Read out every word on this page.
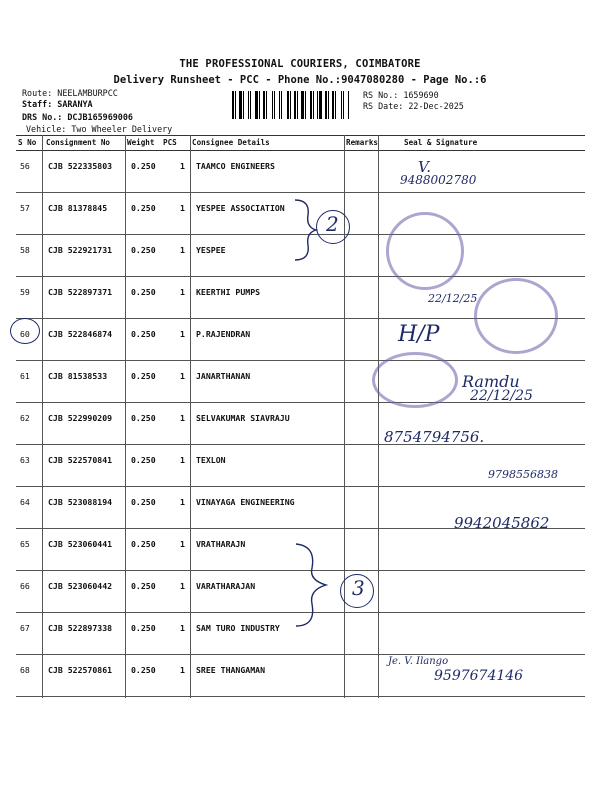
THE PROFESSIONAL COURIERS, COIMBATORE
Delivery Runsheet - PCC - Phone No.:9047080280 - Page No.:6
Route: NEELAMBURPCC
Staff: SARANYA
DRS No.: DCJB165969006
Vehicle: Two Wheeler Delivery
RS No.: 1659690
RS Date: 22-Dec-2025
S No Consignment No Weight PCS Consignee Details	Remarks	Seal & Signature
56 CJB 522335803 0.250	1 TAAMCO ENGINEERS
57 CJB 81378845	0.250	1 YESPEE ASSOCIATION
58 CJB 522921731 0.250	1 YESPEE
59 CJB 522897371 0.250	1 KEERTHI PUMPS
60 CJB 522846874 0.250	1 P.RAJENDRAN
61 CJB 81538533	0.250	1 JANARTHANAN
62 CJB 522990209 0.250	1 SELVAKUMAR SIAVRAJU
63 CJB 522570841 0.250	1 TEXLON
64 CJB 523088194 0.250	1 VINAYAGA ENGINEERING
65 CJB 523060441 0.250	1 VRATHARAJN
66 CJB 523060442 0.250	1 VARATHARAJAN
67 CJB 522897338 0.250	1 SAM TURO INDUSTRY
68 CJB 522570861 0.250	1 SREE THANGAMAN
V.
9488002780
2
22/12/25
H/P
Ramdu
22/12/25
8754794756.
9798556838
9942045862
3
Je. V. Ilango
9597674146
